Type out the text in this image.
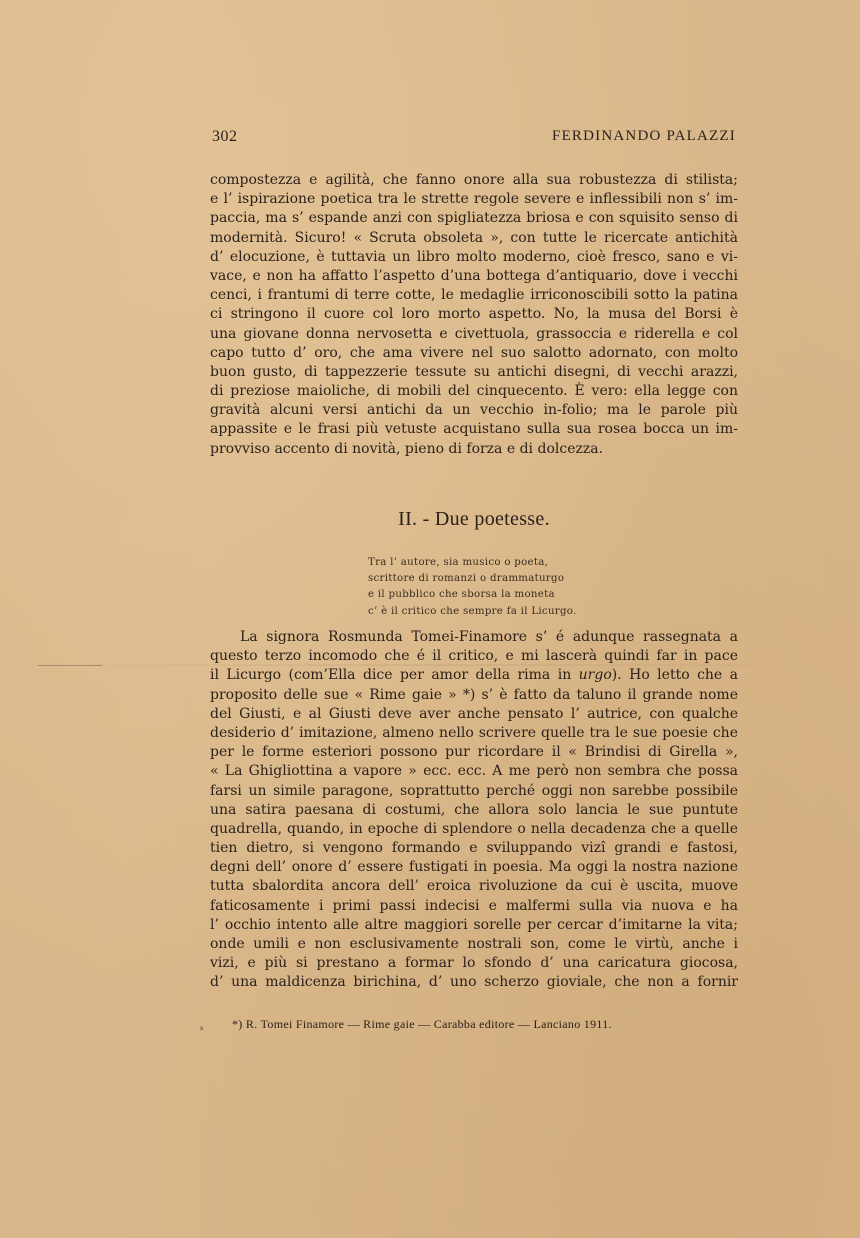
302	FERDINANDO PALAZZI
compostezza e agilità, che fanno onore alla sua robustezza di stilista;
e l’ ispirazione poetica tra le strette regole severe e inflessibili non s’ im-
paccia, ma s’ espande anzi con spigliatezza briosa e con squisito senso di
modernità. Sicuro! « Scruta obsoleta », con tutte le ricercate antichità
d’ elocuzione, è tuttavia un libro molto moderno, cioè fresco, sano e vi-
vace, e non ha affatto l’aspetto d’una bottega d’antiquario, dove i vecchi
cenci, i frantumi di terre cotte, le medaglie irriconoscibili sotto la patina
ci stringono il cuore col loro morto aspetto. No, la musa del Borsi è
una giovane donna nervosetta e civettuola, grassoccia e riderella e col
capo tutto d’ oro, che ama vivere nel suo salotto adornato, con molto
buon gusto, di tappezzerie tessute su antichi disegni, di vecchi arazzi,
di preziose maioliche, di mobili del cinquecento. È vero: ella legge con
gravità alcuni versi antichi da un vecchio in-folio; ma le parole più
appassite e le frasi più vetuste acquistano sulla sua rosea bocca un im-
provviso accento di novità, pieno di forza e di dolcezza.
II. - Due poetesse.
Tra l’ autore, sia musico o poeta,
scrittore di romanzi o drammaturgo
e il pubblico che sborsa la moneta
c’ è il critico che sempre fa il Licurgo.
La signora Rosmunda Tomei-Finamore s’ é adunque rassegnata a
questo terzo incomodo che é il critico, e mi lascerà quindi far in pace
il Licurgo (com’Ella dice per amor della rima in urgo). Ho letto che a
proposito delle sue « Rime gaie » *) s’ è fatto da taluno il grande nome
del Giusti, e al Giusti deve aver anche pensato l’ autrice, con qualche
desiderio d’ imitazione, almeno nello scrivere quelle tra le sue poesie che
per le forme esteriori possono pur ricordare il « Brindisi di Girella »,
« La Ghigliottina a vapore » ecc. ecc. A me però non sembra che possa
farsi un simile paragone, soprattutto perché oggi non sarebbe possibile
una satira paesana di costumi, che allora solo lancia le sue puntute
quadrella, quando, in epoche di splendore o nella decadenza che a quelle
tien dietro, si vengono formando e sviluppando vizî grandi e fastosi,
degni dell’ onore d’ essere fustigati in poesia. Ma oggi la nostra nazione
tutta sbalordita ancora dell’ eroica rivoluzione da cui è uscita, muove
faticosamente i primi passi indecisi e malfermi sulla via nuova e ha
l’ occhio intento alle altre maggiori sorelle per cercar d’imitarne la vita;
onde umili e non esclusivamente nostrali son, come le virtù, anche i
vizi, e più si prestano a formar lo sfondo d’ una caricatura giocosa,
d’ una maldicenza birichina, d’ uno scherzo gioviale, che non a fornir
ₛ *) R. Tomei Finamore — Rime gaie — Carabba editore — Lanciano 1911.
